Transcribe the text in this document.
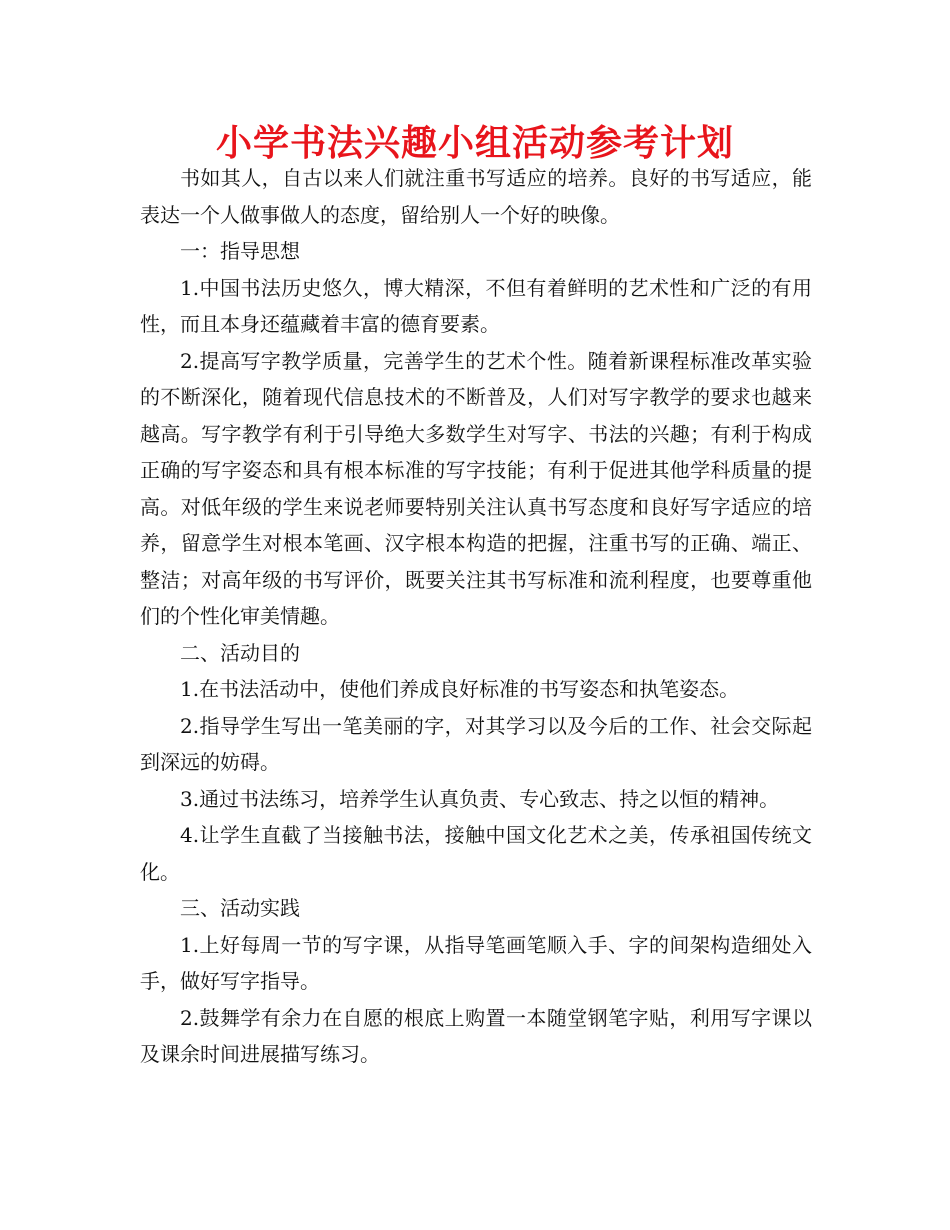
小学书法兴趣小组活动参考计划

书如其人，自古以来人们就注重书写适应的培养。良好的书写适应，能表达一个人做事做人的态度，留给别人一个好的映像。

一：指导思想

1.中国书法历史悠久，博大精深，不但有着鲜明的艺术性和广泛的有用性，而且本身还蕴藏着丰富的德育要素。

2.提高写字教学质量，完善学生的艺术个性。随着新课程标准改革实验的不断深化，随着现代信息技术的不断普及，人们对写字教学的要求也越来越高。写字教学有利于引导绝大多数学生对写字、书法的兴趣；有利于构成正确的写字姿态和具有根本标准的写字技能；有利于促进其他学科质量的提高。对低年级的学生来说老师要特别关注认真书写态度和良好写字适应的培养，留意学生对根本笔画、汉字根本构造的把握，注重书写的正确、端正、整洁；对高年级的书写评价，既要关注其书写标准和流利程度，也要尊重他们的个性化审美情趣。

二、活动目的

1.在书法活动中，使他们养成良好标准的书写姿态和执笔姿态。

2.指导学生写出一笔美丽的字，对其学习以及今后的工作、社会交际起到深远的妨碍。

3.通过书法练习，培养学生认真负责、专心致志、持之以恒的精神。

4.让学生直截了当接触书法，接触中国文化艺术之美，传承祖国传统文化。

三、活动实践

1.上好每周一节的写字课，从指导笔画笔顺入手、字的间架构造细处入手，做好写字指导。

2.鼓舞学有余力在自愿的根底上购置一本随堂钢笔字贴，利用写字课以及课余时间进展描写练习。
